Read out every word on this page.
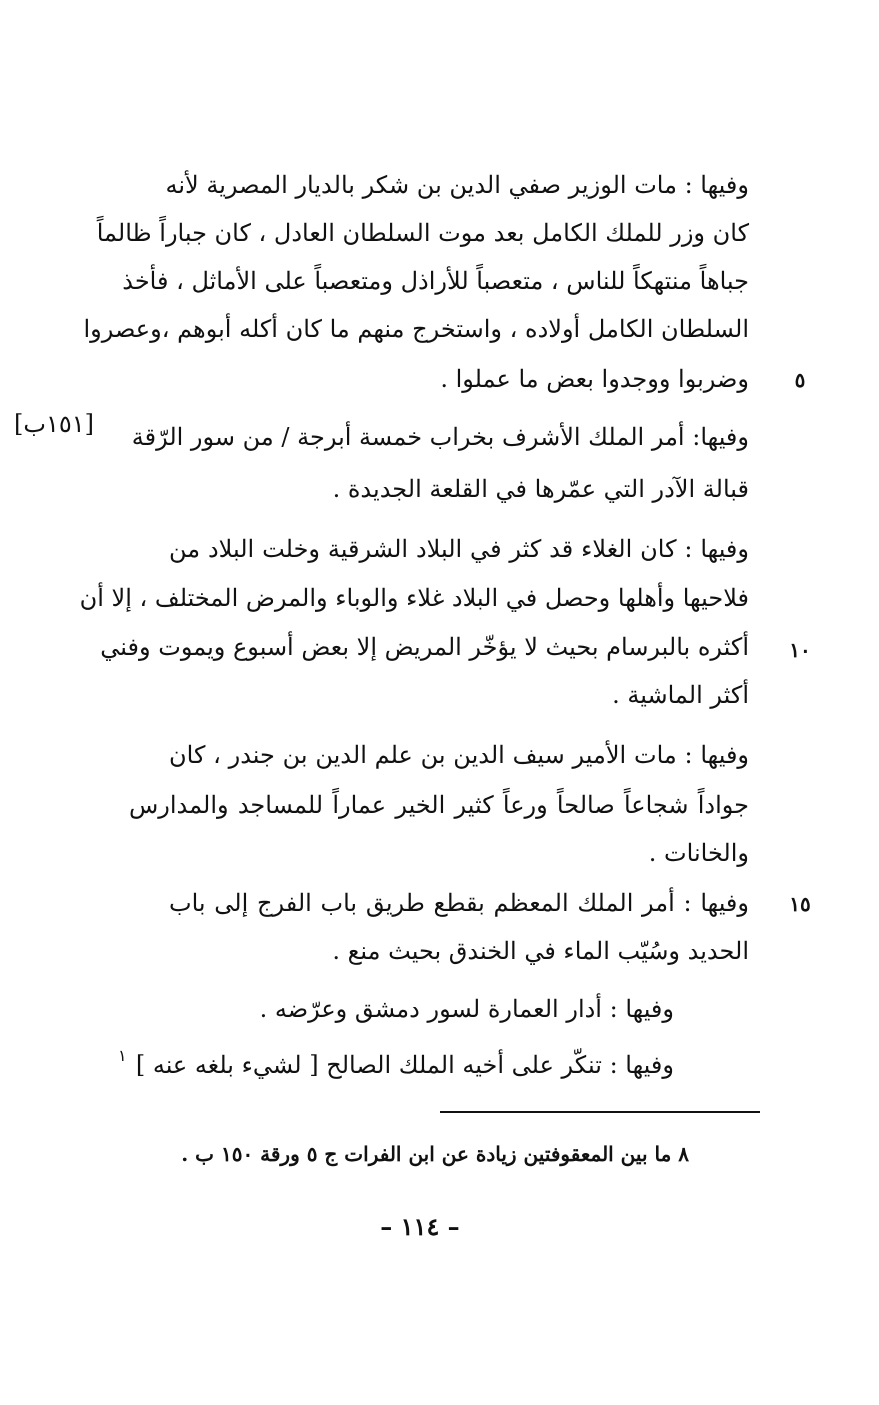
وفيها : مات الوزير صفي الدين بن شكر بالديار المصرية لأنه
كان وزر للملك الكامل بعد موت السلطان العادل ، كان جباراً ظالماً
جباهاً منتهكاً للناس ، متعصباً للأراذل ومتعصباً على الأماثل ، فأخذ
السلطان الكامل أولاده ، واستخرج منهم ما كان أكله أبوهم ،وعصروا
وضربوا ووجدوا بعض ما عملوا .	٥
وفيها: أمر الملك الأشرف بخراب خمسة أبرجة / من سور الرّقة
[١٥١ب]
قبالة الآدر التي عمّرها في القلعة الجديدة .
وفيها : كان الغلاء قد كثر في البلاد الشرقية وخلت البلاد من
فلاحيها وأهلها وحصل في البلاد غلاء والوباء والمرض المختلف ، إلا أن
أكثره بالبرسام بحيث لا يؤخّر المريض إلا بعض أسبوع ويموت وفني	١٠
أكثر الماشية .
وفيها : مات الأمير سيف الدين بن علم الدين بن جندر ، كان
جواداً شجاعاً صالحاً ورعاً كثير الخير عماراً للمساجد والمدارس
والخانات .
وفيها : أمر الملك المعظم بقطع طريق باب الفرج إلى باب	١٥
الحديد وسُيّب الماء في الخندق بحيث منع .
وفيها : أدار العمارة لسور دمشق وعرّضه .
وفيها : تنكّر على أخيه الملك الصالح [ لشيء بلغه عنه ]
١
٨ ما بين المعقوفتين زيادة عن ابن الفرات ج ٥ ورقة ١٥٠ ب .
– ١١٤ –
